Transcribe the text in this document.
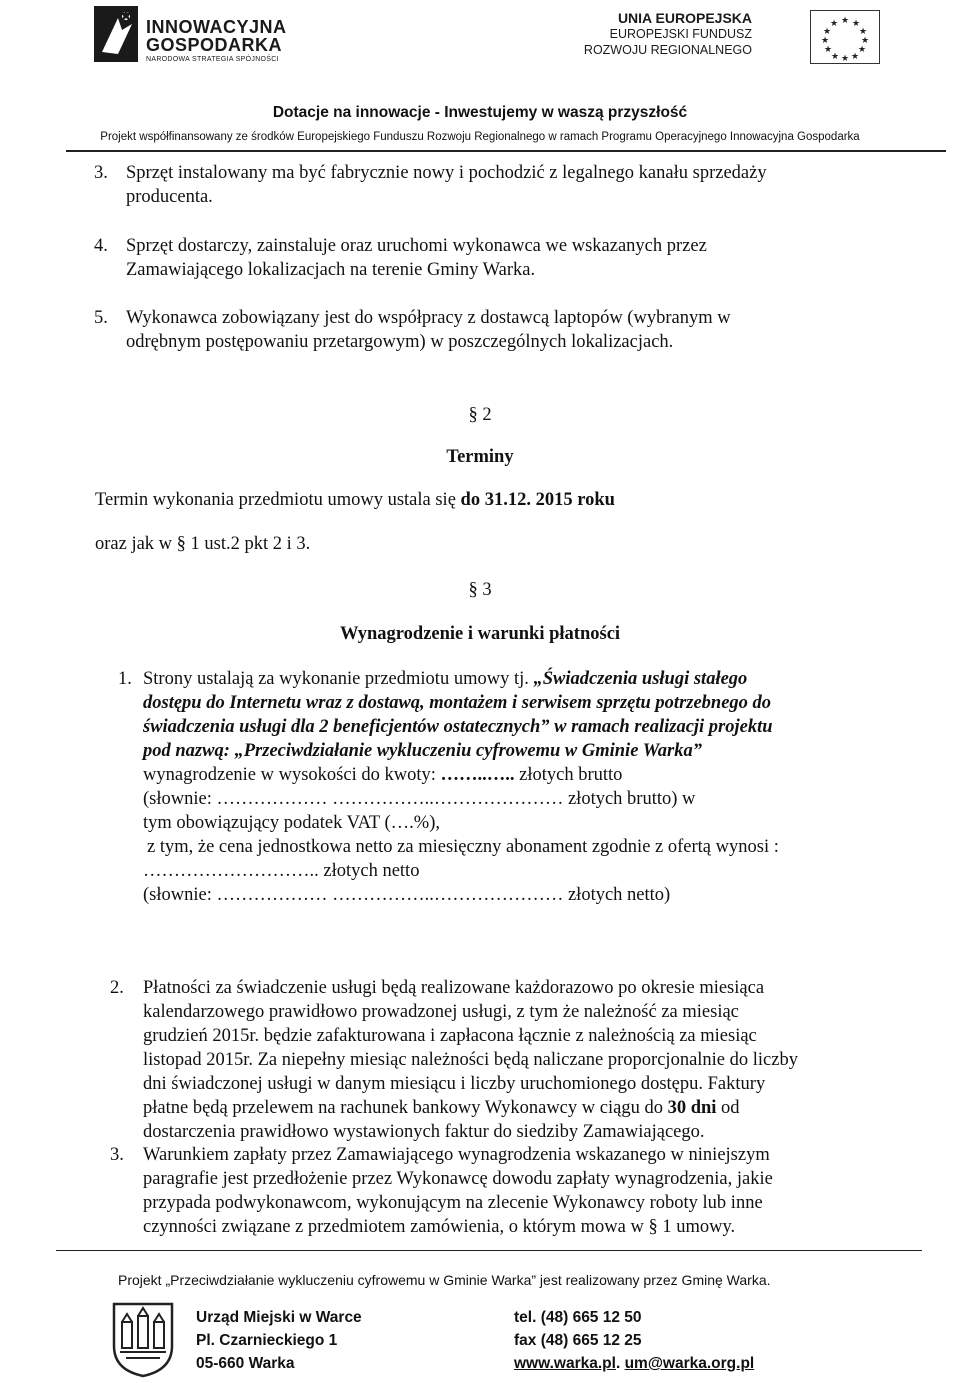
INNOWACYJNA
GOSPODARKA
NARODOWA STRATEGIA SPÓJNOŚCI
UNIA EUROPEJSKA
EUROPEJSKI FUNDUSZ
ROZWOJU REGIONALNEGO
★ ★
★
★
★
★
★
★
★
★
★
★
Dotacje na innowacje - Inwestujemy w waszą przyszłość
Projekt współfinansowany ze środków Europejskiego Funduszu Rozwoju Regionalnego w ramach Programu Operacyjnego Innowacyjna Gospodarka
3. Sprzęt instalowany ma być fabrycznie nowy i pochodzić z legalnego kanału sprzedaży
producenta.

4. Sprzęt dostarczy, zainstaluje oraz uruchomi wykonawca we wskazanych przez
Zamawiającego lokalizacjach na terenie Gminy Warka.

5. Wykonawca zobowiązany jest do współpracy z dostawcą laptopów (wybranym w
odrębnym postępowaniu przetargowym) w poszczególnych lokalizacjach.

§ 2
Terminy

Termin wykonania przedmiotu umowy ustala się do 31.12. 2015 roku

oraz jak w § 1 ust.2 pkt 2 i 3.

§ 3
Wynagrodzenie i warunki płatności
1. Strony ustalają za wykonanie przedmiotu umowy tj. „Świadczenia usługi stałego
dostępu do Internetu wraz z dostawą, montażem i serwisem sprzętu potrzebnego do
świadczenia usługi dla 2 beneficjentów ostatecznych” w ramach realizacji projektu
pod nazwą: „Przeciwdziałanie wykluczeniu cyfrowemu w Gminie Warka”
wynagrodzenie w wysokości do kwoty: ……..….. złotych brutto
(słownie: ……………… ……………..………………… złotych brutto) w
tym obowiązujący podatek VAT (….%),
z tym, że cena jednostkowa netto za miesięczny abonament zgodnie z ofertą wynosi :
……………………….. złotych netto
(słownie: ……………… ……………..………………… złotych netto)
2. Płatności za świadczenie usługi będą realizowane każdorazowo po okresie miesiąca
kalendarzowego prawidłowo prowadzonej usługi, z tym że należność za miesiąc
grudzień 2015r. będzie zafakturowana i zapłacona łącznie z należnością za miesiąc
listopad 2015r. Za niepełny miesiąc należności będą naliczane proporcjonalnie do liczby
dni świadczonej usługi w danym miesiącu i liczby uruchomionego dostępu. Faktury
płatne będą przelewem na rachunek bankowy Wykonawcy w ciągu do 30 dni od
dostarczenia prawidłowo wystawionych faktur do siedziby Zamawiającego.
3. Warunkiem zapłaty przez Zamawiającego wynagrodzenia wskazanego w niniejszym
paragrafie jest przedłożenie przez Wykonawcę dowodu zapłaty wynagrodzenia, jakie
przypada podwykonawcom, wykonującym na zlecenie Wykonawcy roboty lub inne
czynności związane z przedmiotem zamówienia, o którym mowa w § 1 umowy.
Projekt „Przeciwdziałanie wykluczeniu cyfrowemu w Gminie Warka” jest realizowany przez Gminę Warka.
Urząd Miejski w Warce
Pl. Czarnieckiego 1
05-660 Warka
tel. (48) 665 12 50
fax (48) 665 12 25
www.warka.pl. um@warka.org.pl
